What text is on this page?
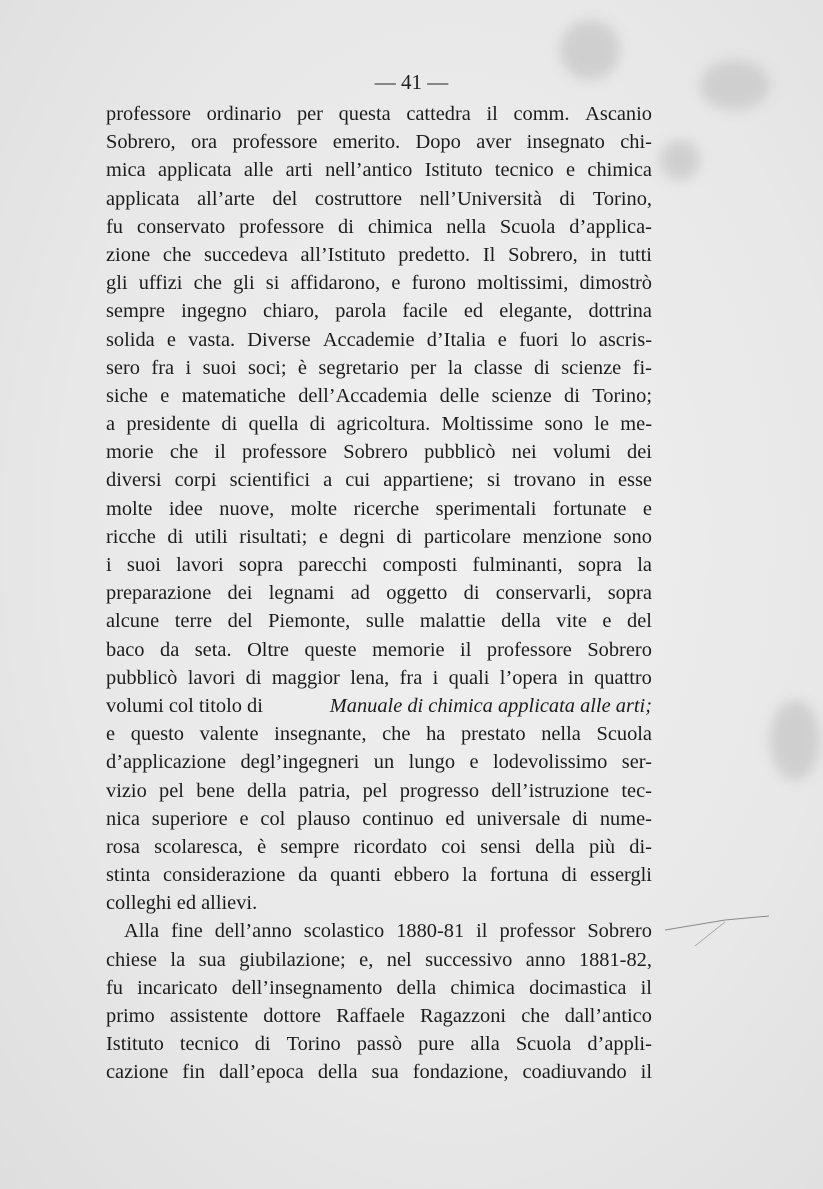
— 41 —
professore ordinario per questa cattedra il comm. Ascanio
Sobrero, ora professore emerito. Dopo aver insegnato chi-
mica applicata alle arti nell’antico Istituto tecnico e chimica
applicata all’arte del costruttore nell’Università di Torino,
fu conservato professore di chimica nella Scuola d’applica-
zione che succedeva all’Istituto predetto. Il Sobrero, in tutti
gli uffizi che gli si affidarono, e furono moltissimi, dimostrò
sempre ingegno chiaro, parola facile ed elegante, dottrina
solida e vasta. Diverse Accademie d’Italia e fuori lo ascris-
sero fra i suoi soci; è segretario per la classe di scienze fi-
siche e matematiche dell’Accademia delle scienze di Torino;
a presidente di quella di agricoltura. Moltissime sono le me-
morie che il professore Sobrero pubblicò nei volumi dei
diversi corpi scientifici a cui appartiene; si trovano in esse
molte idee nuove, molte ricerche sperimentali fortunate e
ricche di utili risultati; e degni di particolare menzione sono
i suoi lavori sopra parecchi composti fulminanti, sopra la
preparazione dei legnami ad oggetto di conservarli, sopra
alcune terre del Piemonte, sulle malattie della vite e del
baco da seta. Oltre queste memorie il professore Sobrero
pubblicò lavori di maggior lena, fra i quali l’opera in quattro
volumi col titolo di	Manuale di chimica applicata alle arti;
e questo valente insegnante, che ha prestato nella Scuola
d’applicazione degl’ingegneri un lungo e lodevolissimo ser-
vizio pel bene della patria, pel progresso dell’istruzione tec-
nica superiore e col plauso continuo ed universale di nume-
rosa scolaresca, è sempre ricordato coi sensi della più di-
stinta considerazione da quanti ebbero la fortuna di essergli
colleghi ed allievi.
Alla fine dell’anno scolastico 1880-81 il professor Sobrero
chiese la sua giubilazione; e, nel successivo anno 1881-82,
fu incaricato dell’insegnamento della chimica docimastica il
primo assistente dottore Raffaele Ragazzoni che dall’antico
Istituto tecnico di Torino passò pure alla Scuola d’appli-
cazione fin dall’epoca della sua fondazione, coadiuvando il
